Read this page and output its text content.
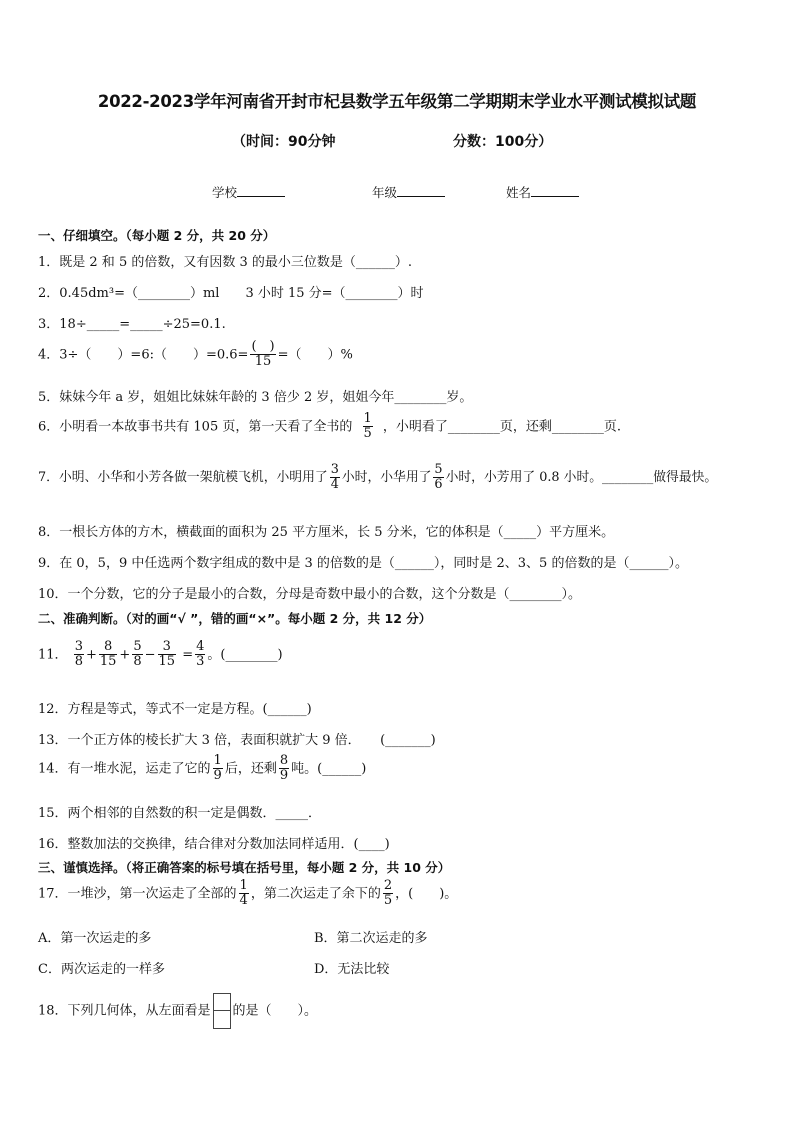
2022-2023学年河南省开封市杞县数学五年级第二学期期末学业水平测试模拟试题
（时间：90分钟	分数：100分）
学校	年级	姓名
一、仔细填空。（每小题 2 分，共 20 分）
1．既是 2 和 5 的倍数，又有因数 3 的最小三位数是（______）.
2．0.45dm³=（________）ml　　3 小时 15 分=（________）时
3．18÷_____=_____÷25=0.1.
4．3÷（　　）=6:（　　）$=0.6= \frac{( )}{15}$ =（　　）%
5．妹妹今年 a 岁，姐姐比妹妹年龄的 3 倍少 2 岁，姐姐今年________岁。
6．小明看一本故事书共有 105 页，第一天看了全书的 $\frac{1}{5}$ ，小明看了________页，还剩________页.
7．小明、小华和小芳各做一架航模飞机，小明用了 $\frac{3}{4}$ 小时，小华用了 $\frac{5}{6}$ 小时，小芳用了 0.8 小时。________做得最快。
8．一根长方体的方木，横截面的面积为 25 平方厘米，长 5 分米，它的体积是（_____）平方厘米。
9．在 0，5，9 中任选两个数字组成的数中是 3 的倍数的是（______），同时是 2、3、5 的倍数的是（______）。
10．一个分数，它的分子是最小的合数，分母是奇数中最小的合数，这个分数是（________）。
二、准确判断。（对的画“√ ”，错的画“×”。每小题 2 分，共 12 分）
11． $\frac{3}{8} + \frac{8}{15} + \frac{5}{8} - \frac{3}{15} = \frac{4}{3}$ 。(________)
12．方程是等式，等式不一定是方程。(______)
13．一个正方体的棱长扩大 3 倍，表面积就扩大 9 倍．　　(_______)
14．有一堆水泥，运走了它的 $\frac{1}{9}$ 后，还剩 $\frac{8}{9}$ 吨。(______)
15．两个相邻的自然数的积一定是偶数．_____．
16．整数加法的交换律，结合律对分数加法同样适用．(____)
三、谨慎选择。（将正确答案的标号填在括号里，每小题 2 分，共 10 分）
17．一堆沙，第一次运走了全部的 $\frac{1}{4}$ ，第二次运走了余下的 $\frac{2}{5}$ ，(　　)。
A．第一次运走的多	B．第二次运走的多
C．两次运走的一样多	D．无法比较
18．下列几何体，从左面看是 的是（　　）。
